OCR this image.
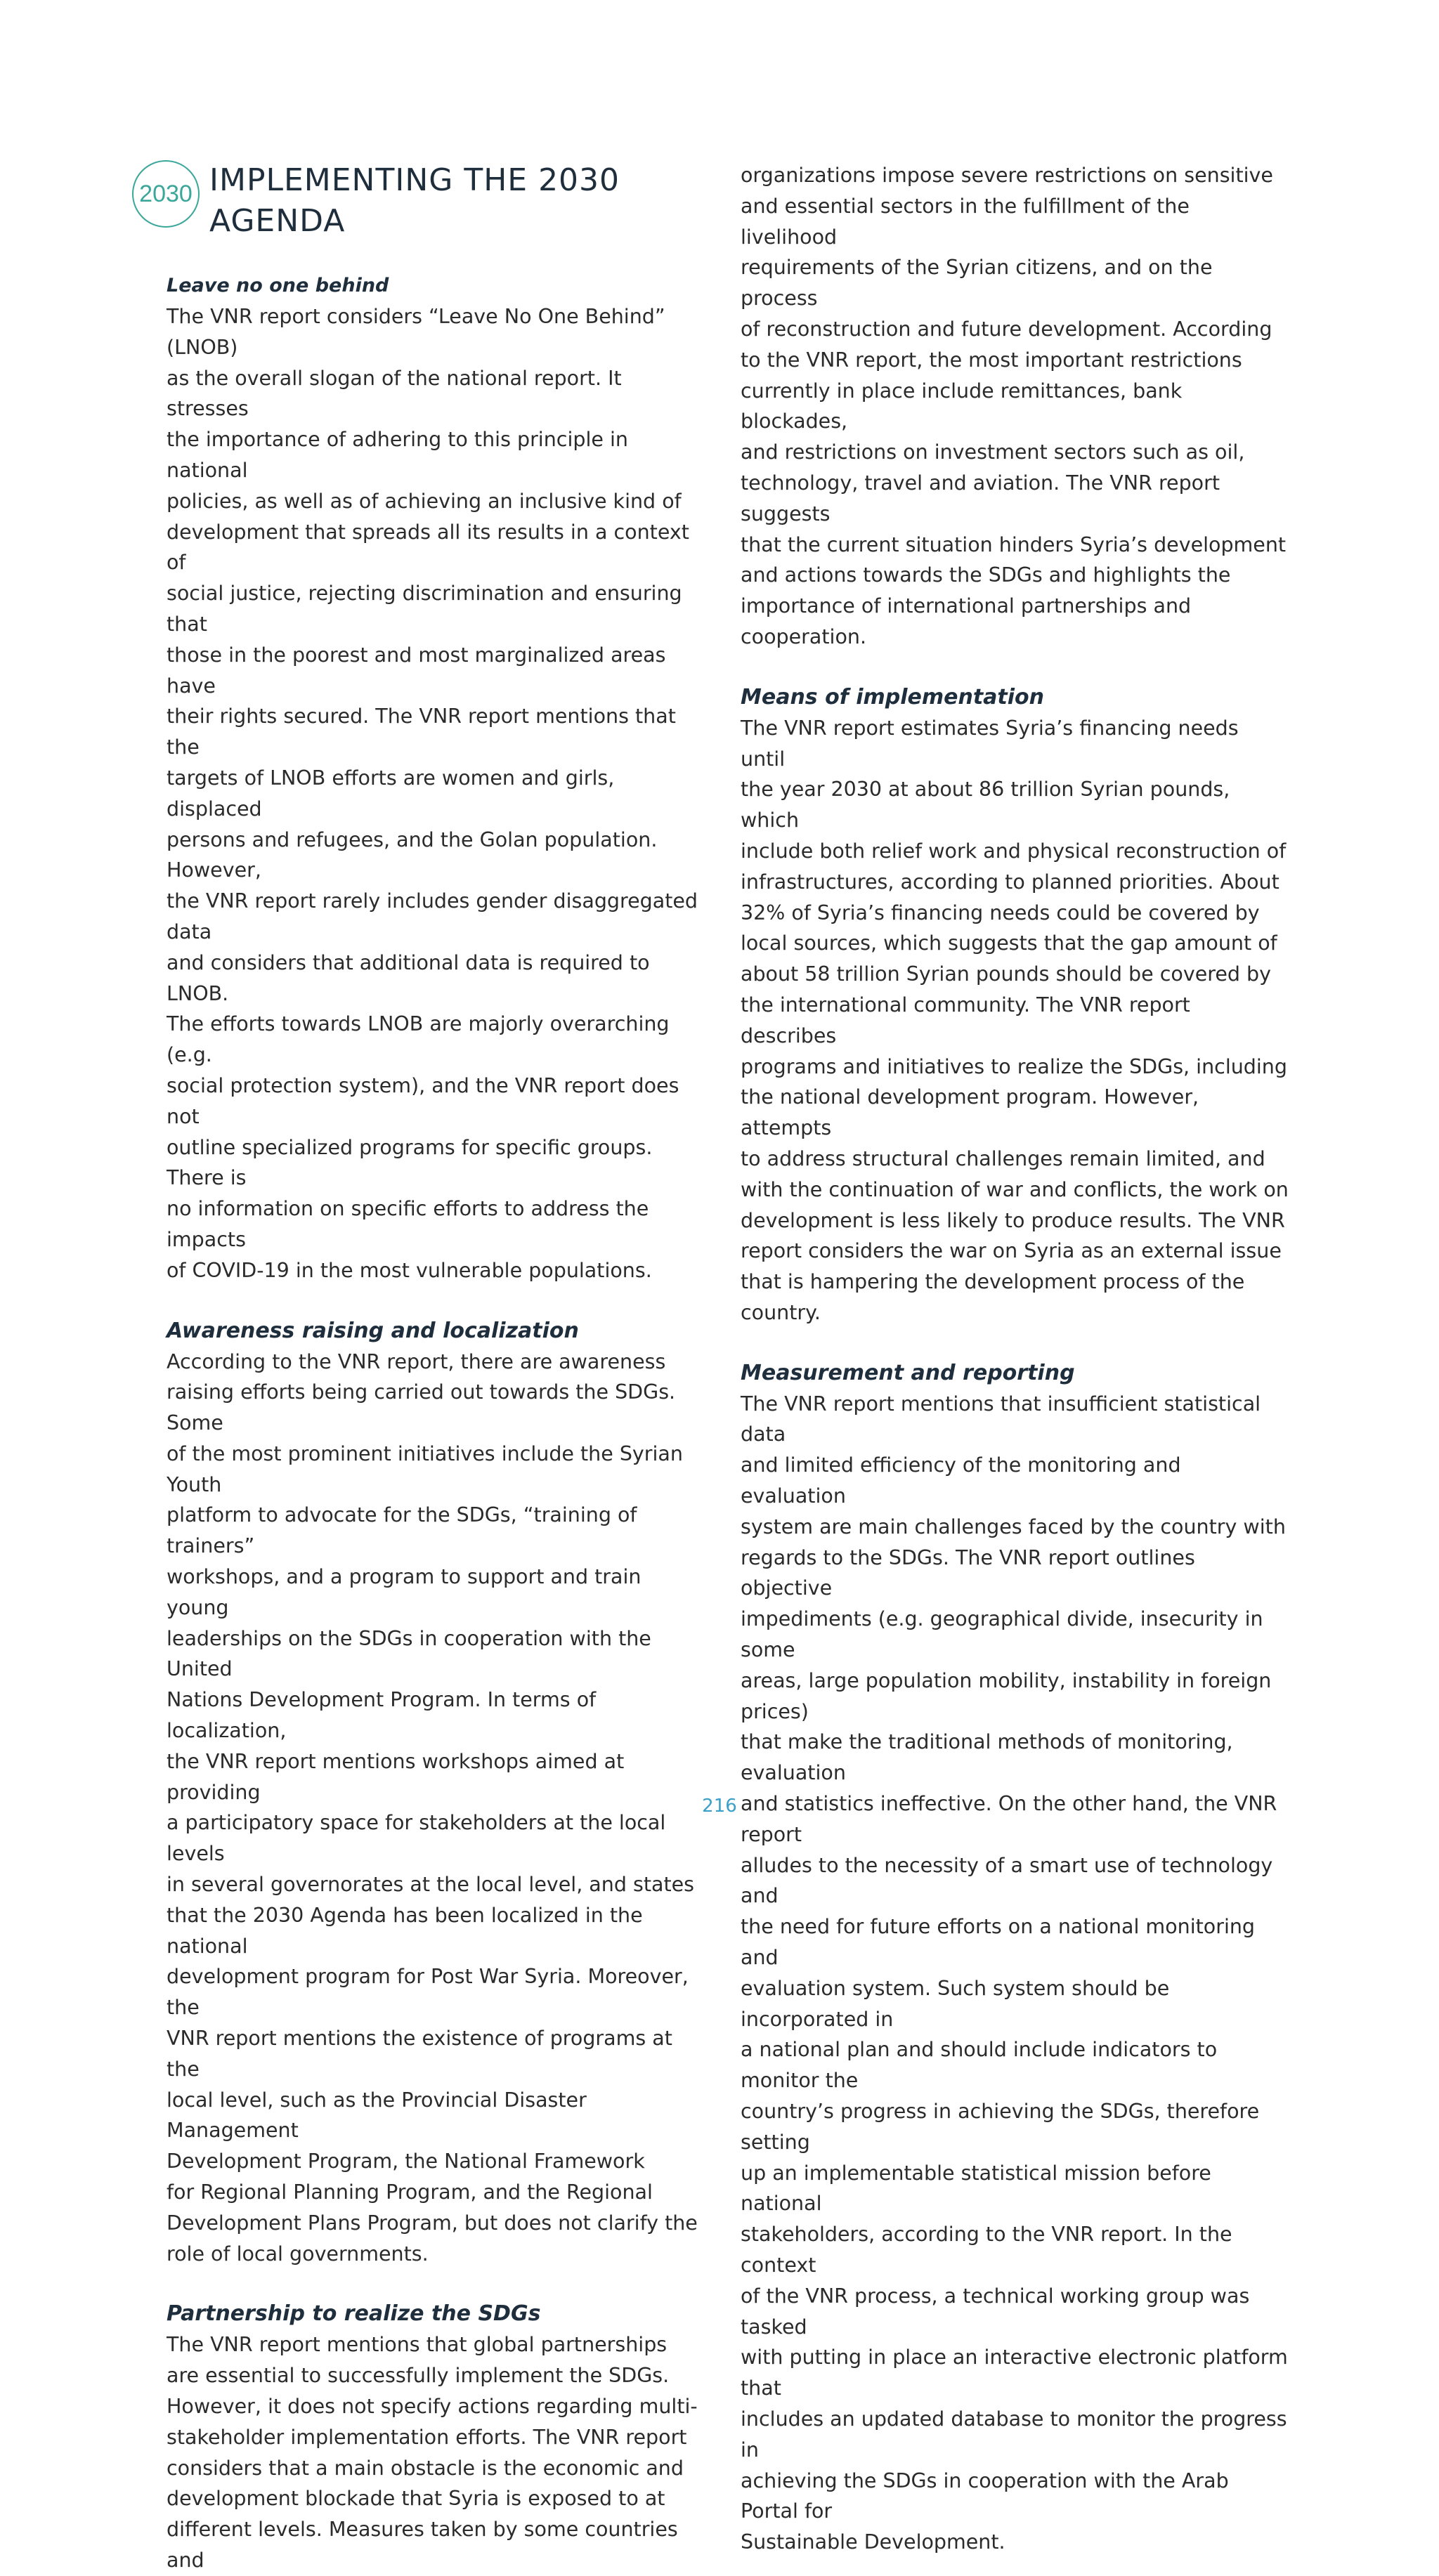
2030 IMPLEMENTING THE 2030
AGENDA
Leave no one behind

The VNR report considers “Leave No One Behind” (LNOB)
as the overall slogan of the national report. It stresses
the importance of adhering to this principle in national
policies, as well as of achieving an inclusive kind of
development that spreads all its results in a context of
social justice, rejecting discrimination and ensuring that
those in the poorest and most marginalized areas have
their rights secured. The VNR report mentions that the
targets of LNOB efforts are women and girls, displaced
persons and refugees, and the Golan population. However,
the VNR report rarely includes gender disaggregated data
and considers that additional data is required to LNOB.
The efforts towards LNOB are majorly overarching (e.g.
social protection system), and the VNR report does not
outline specialized programs for specific groups. There is
no information on specific efforts to address the impacts
of COVID-19 in the most vulnerable populations.

Awareness raising and localization

According to the VNR report, there are awareness
raising efforts being carried out towards the SDGs. Some
of the most prominent initiatives include the Syrian Youth
platform to advocate for the SDGs, “training of trainers”
workshops, and a program to support and train young
leaderships on the SDGs in cooperation with the United
Nations Development Program. In terms of localization,
the VNR report mentions workshops aimed at providing
a participatory space for stakeholders at the local levels
in several governorates at the local level, and states
that the 2030 Agenda has been localized in the national
development program for Post War Syria. Moreover, the
VNR report mentions the existence of programs at the
local level, such as the Provincial Disaster Management
Development Program, the National Framework
for Regional Planning Program, and the Regional
Development Plans Program, but does not clarify the
role of local governments.

Partnership to realize the SDGs

The VNR report mentions that global partnerships
are essential to successfully implement the SDGs.
However, it does not specify actions regarding multi-
stakeholder implementation efforts. The VNR report
considers that a main obstacle is the economic and
development blockade that Syria is exposed to at
different levels. Measures taken by some countries and

organizations impose severe restrictions on sensitive
and essential sectors in the fulfillment of the livelihood
requirements of the Syrian citizens, and on the process
of reconstruction and future development. According
to the VNR report, the most important restrictions
currently in place include remittances, bank blockades,
and restrictions on investment sectors such as oil,
technology, travel and aviation. The VNR report suggests
that the current situation hinders Syria’s development
and actions towards the SDGs and highlights the
importance of international partnerships and
cooperation.

Means of implementation

The VNR report estimates Syria’s financing needs until
the year 2030 at about 86 trillion Syrian pounds, which
include both relief work and physical reconstruction of
infrastructures, according to planned priorities. About
32% of Syria’s financing needs could be covered by
local sources, which suggests that the gap amount of
about 58 trillion Syrian pounds should be covered by
the international community. The VNR report describes
programs and initiatives to realize the SDGs, including
the national development program. However, attempts
to address structural challenges remain limited, and
with the continuation of war and conflicts, the work on
development is less likely to produce results. The VNR
report considers the war on Syria as an external issue
that is hampering the development process of the country.

Measurement and reporting

The VNR report mentions that insufficient statistical data
and limited efficiency of the monitoring and evaluation
system are main challenges faced by the country with
regards to the SDGs. The VNR report outlines objective
impediments (e.g. geographical divide, insecurity in some
areas, large population mobility, instability in foreign prices)
that make the traditional methods of monitoring, evaluation
and statistics ineffective. On the other hand, the VNR report
alludes to the necessity of a smart use of technology and
the need for future efforts on a national monitoring and
evaluation system. Such system should be incorporated in
a national plan and should include indicators to monitor the
country’s progress in achieving the SDGs, therefore setting
up an implementable statistical mission before national
stakeholders, according to the VNR report. In the context
of the VNR process, a technical working group was tasked
with putting in place an interactive electronic platform that
includes an updated database to monitor the progress in
achieving the SDGs in cooperation with the Arab Portal for
Sustainable Development.

216
